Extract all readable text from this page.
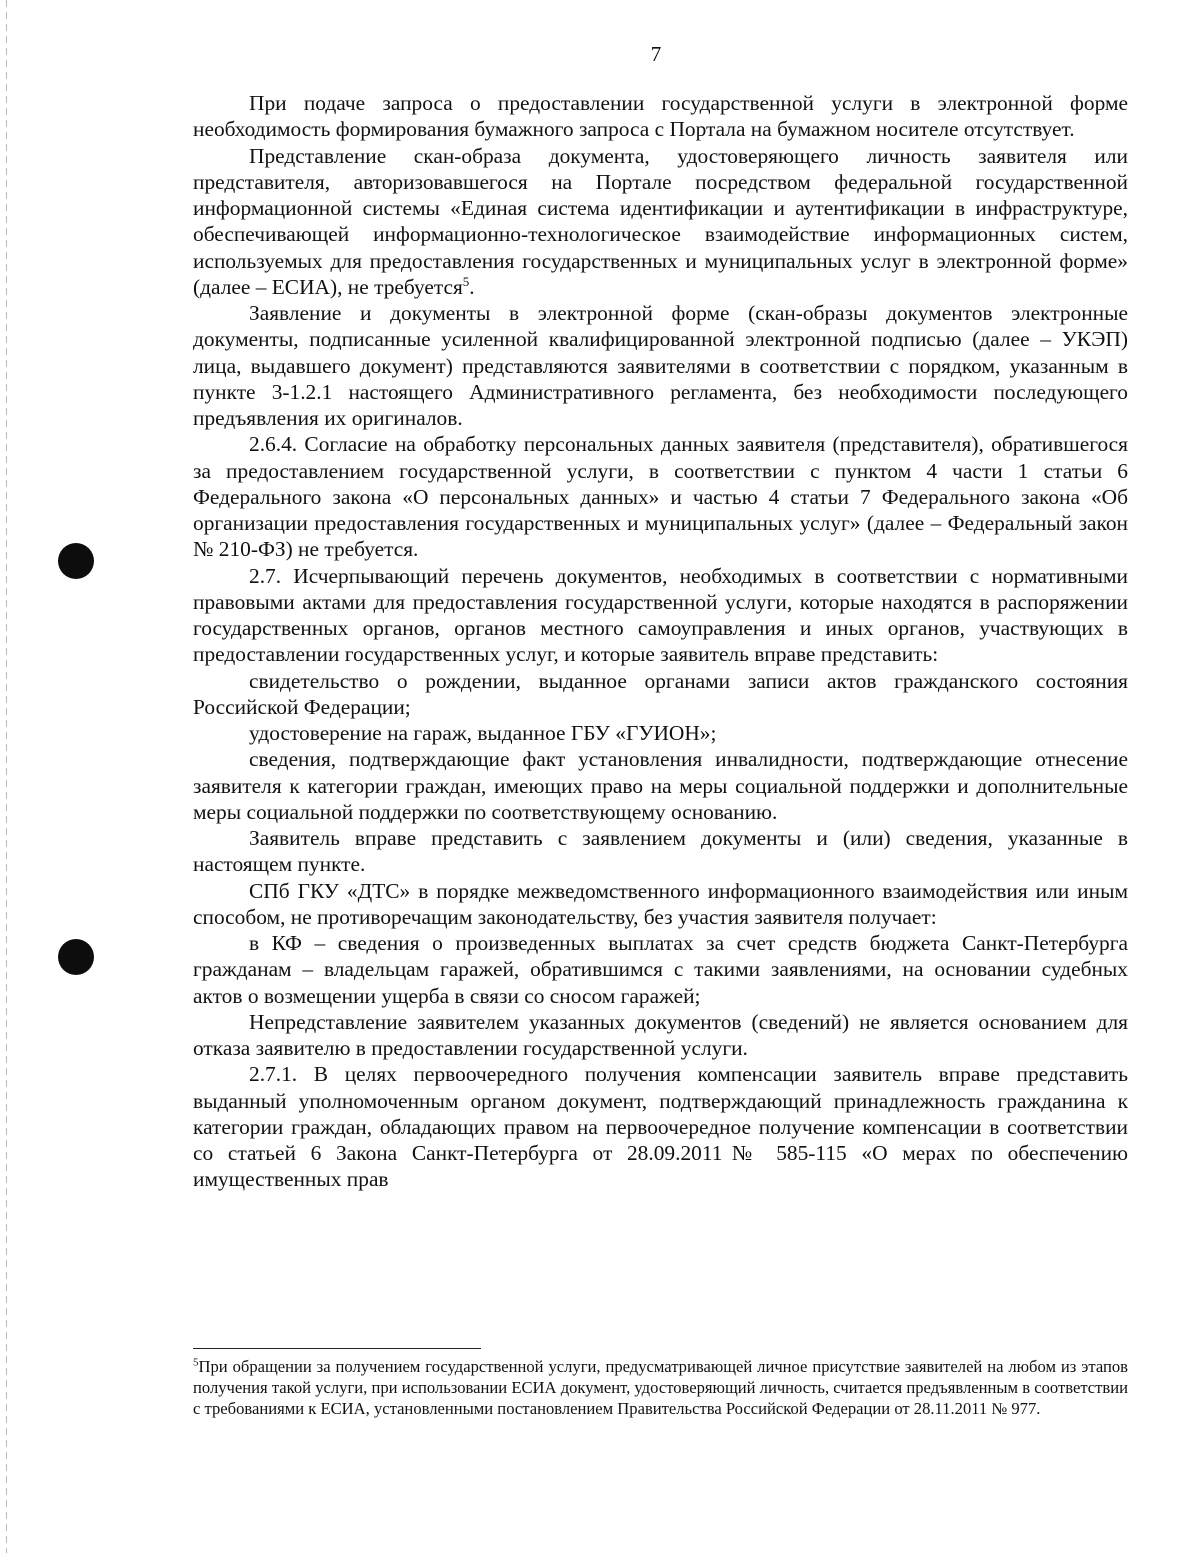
7

При подаче запроса о предоставлении государственной услуги в электронной форме необходимость формирования бумажного запроса с Портала на бумажном носителе отсутствует.

Представление скан-образа документа, удостоверяющего личность заявителя или представителя, авторизовавшегося на Портале посредством федеральной государственной информационной системы «Единая система идентификации и аутентификации в инфраструктуре, обеспечивающей информационно-технологическое взаимодействие информационных систем, используемых для предоставления государственных и муниципальных услуг в электронной форме» (далее – ЕСИА), не требуется$^5$.

Заявление и документы в электронной форме (скан-образы документов электронные документы, подписанные усиленной квалифицированной электронной подписью (далее – УКЭП) лица, выдавшего документ) представляются заявителями в соответствии с порядком, указанным в пункте 3-1.2.1 настоящего Административного регламента, без необходимости последующего предъявления их оригиналов.

2.6.4. Согласие на обработку персональных данных заявителя (представителя), обратившегося за предоставлением государственной услуги, в соответствии с пунктом 4 части 1 статьи 6 Федерального закона «О персональных данных» и частью 4 статьи 7 Федерального закона «Об организации предоставления государственных и муниципальных услуг» (далее – Федеральный закон № 210-ФЗ) не требуется.

2.7. Исчерпывающий перечень документов, необходимых в соответствии с нормативными правовыми актами для предоставления государственной услуги, которые находятся в распоряжении государственных органов, органов местного самоуправления и иных органов, участвующих в предоставлении государственных услуг, и которые заявитель вправе представить:

свидетельство о рождении, выданное органами записи актов гражданского состояния Российской Федерации;

удостоверение на гараж, выданное ГБУ «ГУИОН»;

сведения, подтверждающие факт установления инвалидности, подтверждающие отнесение заявителя к категории граждан, имеющих право на меры социальной поддержки и дополнительные меры социальной поддержки по соответствующему основанию.

Заявитель вправе представить с заявлением документы и (или) сведения, указанные в настоящем пункте.

СПб ГКУ «ДТС» в порядке межведомственного информационного взаимодействия или иным способом, не противоречащим законодательству, без участия заявителя получает:

в КФ – сведения о произведенных выплатах за счет средств бюджета Санкт-Петербурга гражданам – владельцам гаражей, обратившимся с такими заявлениями, на основании судебных актов о возмещении ущерба в связи со сносом гаражей;

Непредставление заявителем указанных документов (сведений) не является основанием для отказа заявителю в предоставлении государственной услуги.

2.7.1. В целях первоочередного получения компенсации заявитель вправе представить выданный уполномоченным органом документ, подтверждающий принадлежность гражданина к категории граждан, обладающих правом на первоочередное получение компенсации в соответствии со статьей 6 Закона Санкт-Петербурга от 28.09.2011№ 585-115 «О мерах по обеспечению имущественных прав

$^5$При обращении за получением государственной услуги, предусматривающей личное присутствие заявителей на любом из этапов получения такой услуги, при использовании ЕСИА документ, удостоверяющий личность, считается предъявленным в соответствии с требованиями к ЕСИА, установленными постановлением Правительства Российской Федерации от 28.11.2011 № 977.
